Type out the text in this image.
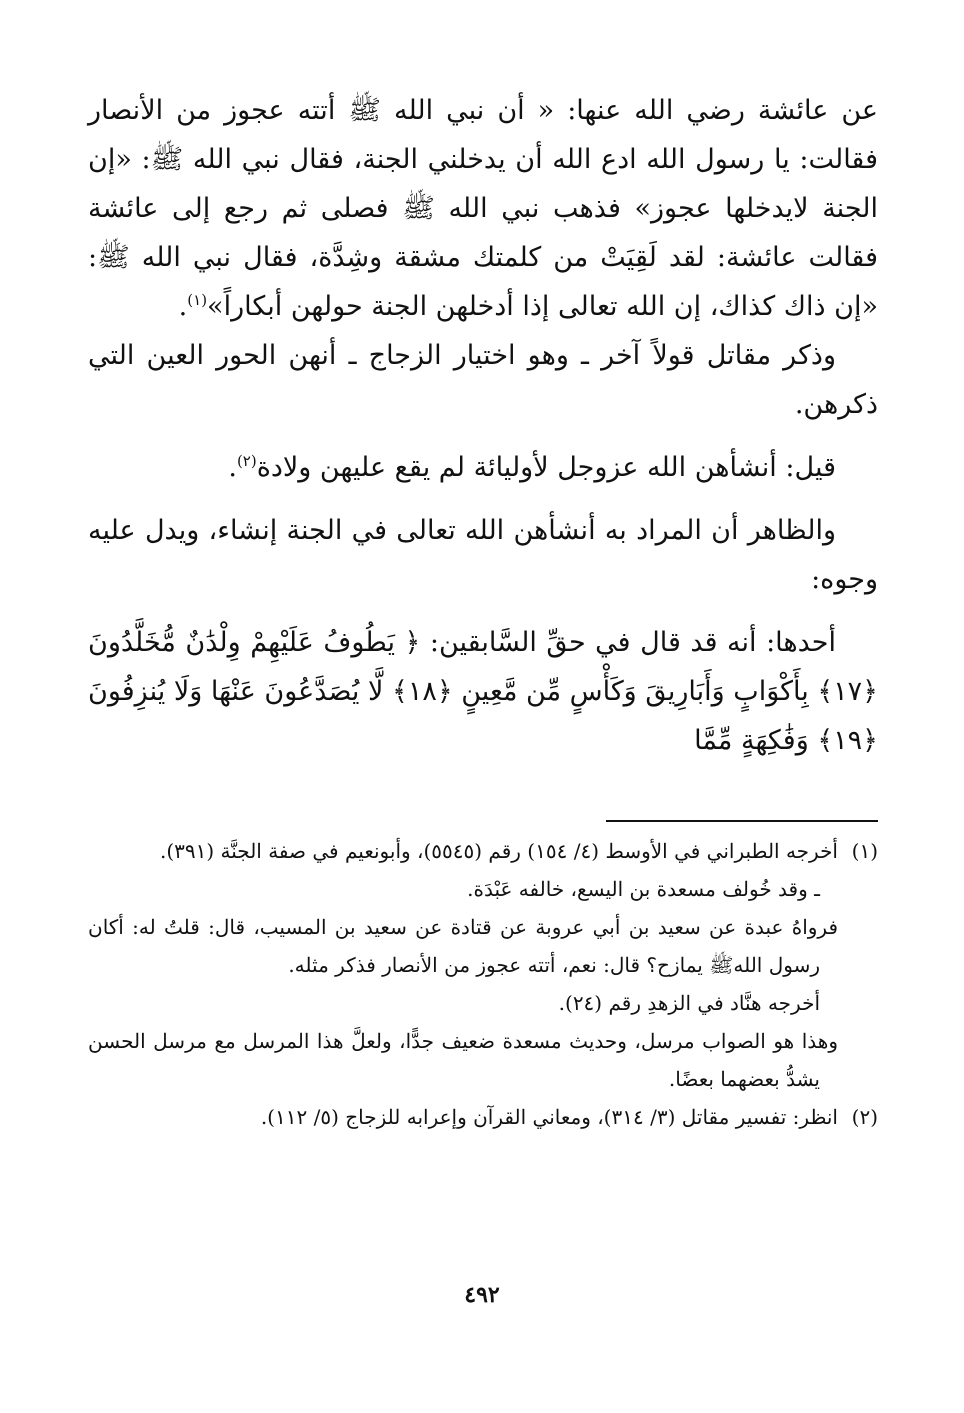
عن عائشة رضي الله عنها: « أن نبي الله ﷺ أتته عجوز من الأنصار فقالت: يا رسول الله ادع الله أن يدخلني الجنة، فقال نبي الله ﷺ: «إن الجنة لايدخلها عجوز» فذهب نبي الله ﷺ فصلى ثم رجع إلى عائشة فقالت عائشة: لقد لَقِيَتْ من كلمتك مشقة وشِدَّة، فقال نبي الله ﷺ: «إن ذاك كذاك، إن الله تعالى إذا أدخلهن الجنة حولهن أبكاراً»$^{(١)}$.

وذكر مقاتل قولاً آخر ـ وهو اختيار الزجاج ـ أنهن الحور العين التي ذكرهن.

قيل: أنشأهن الله عزوجل لأوليائة لم يقع عليهن ولادة$^{(٢)}$.

والظاهر أن المراد به أنشأهن الله تعالى في الجنة إنشاء، ويدل عليه وجوه:

أحدها: أنه قد قال في حقِّ السَّابقين: ﴿ يَطُوفُ عَلَيْهِمْ وِلْدَٰنٌ مُّخَلَّدُونَ ﴿١٧﴾ بِأَكْوَابٍ وَأَبَارِيقَ وَكَأْسٍ مِّن مَّعِينٍ ﴿١٨﴾ لَّا يُصَدَّعُونَ عَنْهَا وَلَا يُنزِفُونَ ﴿١٩﴾ وَفَٰكِهَةٍ مِّمَّا

(١)

أخرجه الطبراني في الأوسط (٤/ ١٥٤) رقم (٥٥٤٥)، وأبونعيم في صفة الجنَّة (٣٩١).

ـ وقد خُولف مسعدة بن اليسع، خالفه عَبْدَة.

فرواهُ عبدة عن سعيد بن أبي عروبة عن قتادة عن سعيد بن المسيب، قال: قلتُ له: أكان رسول اللهﷺ يمازح؟ قال: نعم، أتته عجوز من الأنصار فذكر مثله.

أخرجه هنَّاد في الزهدِ رقم (٢٤).

وهذا هو الصواب مرسل، وحديث مسعدة ضعيف جدًّا، ولعلَّ هذا المرسل مع مرسل الحسن يشدُّ بعضهما بعضًا.

(٢)

انظر: تفسير مقاتل (٣/ ٣١٤)، ومعاني القرآن وإعرابه للزجاج (٥/ ١١٢).

٤٩٢
